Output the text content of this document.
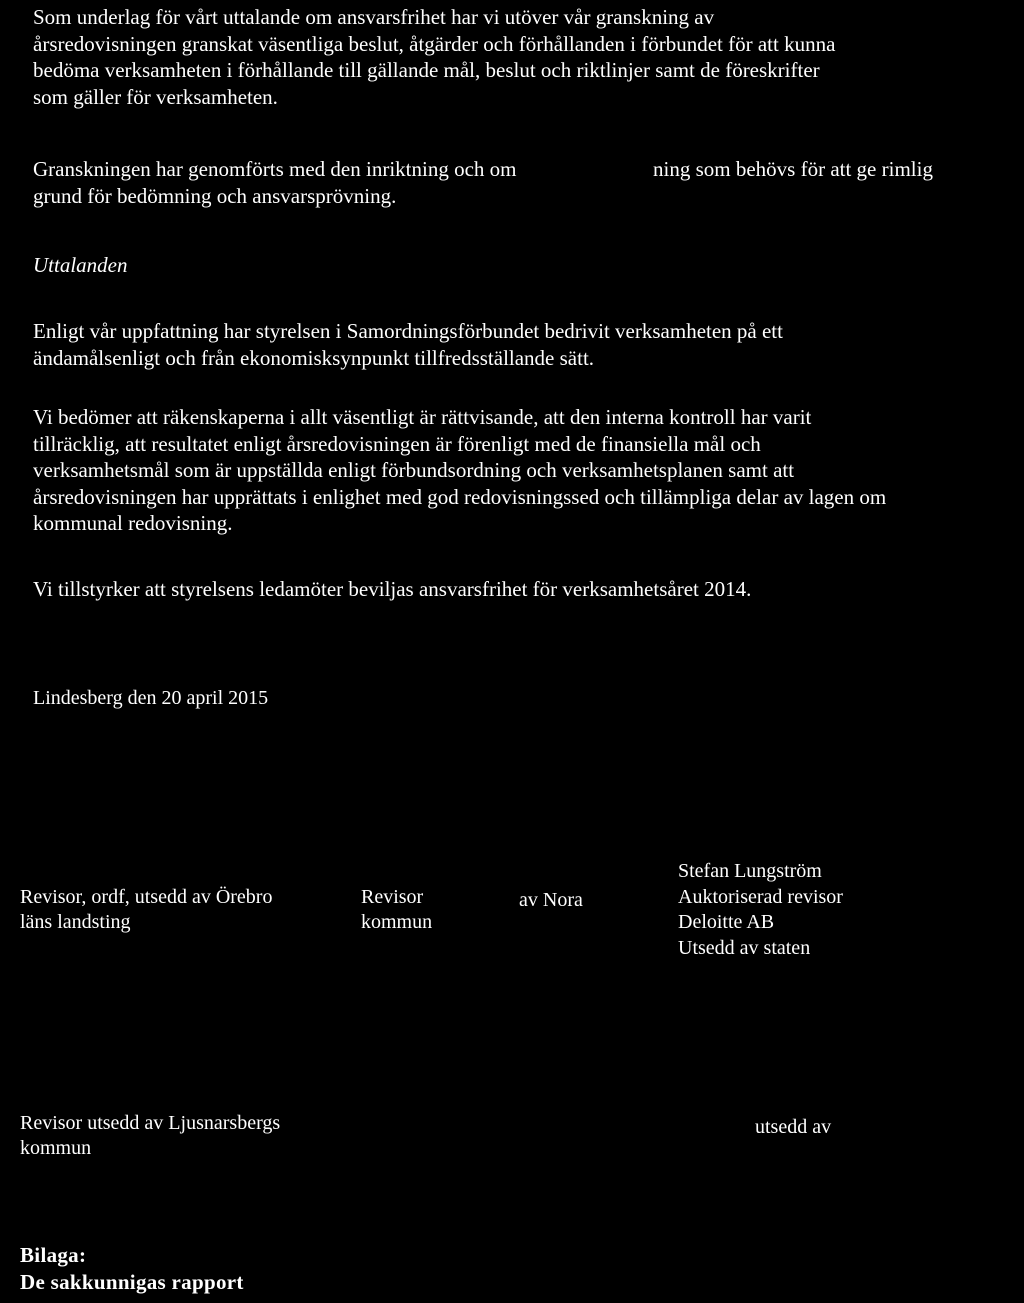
Som underlag för vårt uttalande om ansvarsfrihet har vi utöver vår granskning av
årsredovisningen granskat väsentliga beslut, åtgärder och förhållanden i förbundet för att kunna
bedöma verksamheten i förhållande till gällande mål, beslut och riktlinjer samt de föreskrifter
som gäller för verksamheten.
Granskningen har genomförts med den inriktning och om	ning som behövs för att ge rimlig
grund för bedömning och ansvarsprövning.
Uttalanden
Enligt vår uppfattning har styrelsen i Samordningsförbundet bedrivit verksamheten på ett
ändamålsenligt och från ekonomisksynpunkt tillfredsställande sätt.
Vi bedömer att räkenskaperna i allt väsentligt är rättvisande, att den interna kontroll har varit
tillräcklig, att resultatet enligt årsredovisningen är förenligt med de finansiella mål och
verksamhetsmål som är uppställda enligt förbundsordning och verksamhetsplanen samt att
årsredovisningen har upprättats i enlighet med god redovisningssed och tillämpliga delar av lagen om
kommunal redovisning.
Vi tillstyrker att styrelsens ledamöter beviljas ansvarsfrihet för verksamhetsåret 2014.
Lindesberg den 20 april 2015
Revisor, ordf, utsedd av Örebro
läns landsting
Revisor
kommun
av Nora
Stefan Lungström
Auktoriserad revisor
Deloitte AB
Utsedd av staten
Revisor utsedd av Ljusnarsbergs
kommun
utsedd av
Bilaga:
De sakkunnigas rapport
